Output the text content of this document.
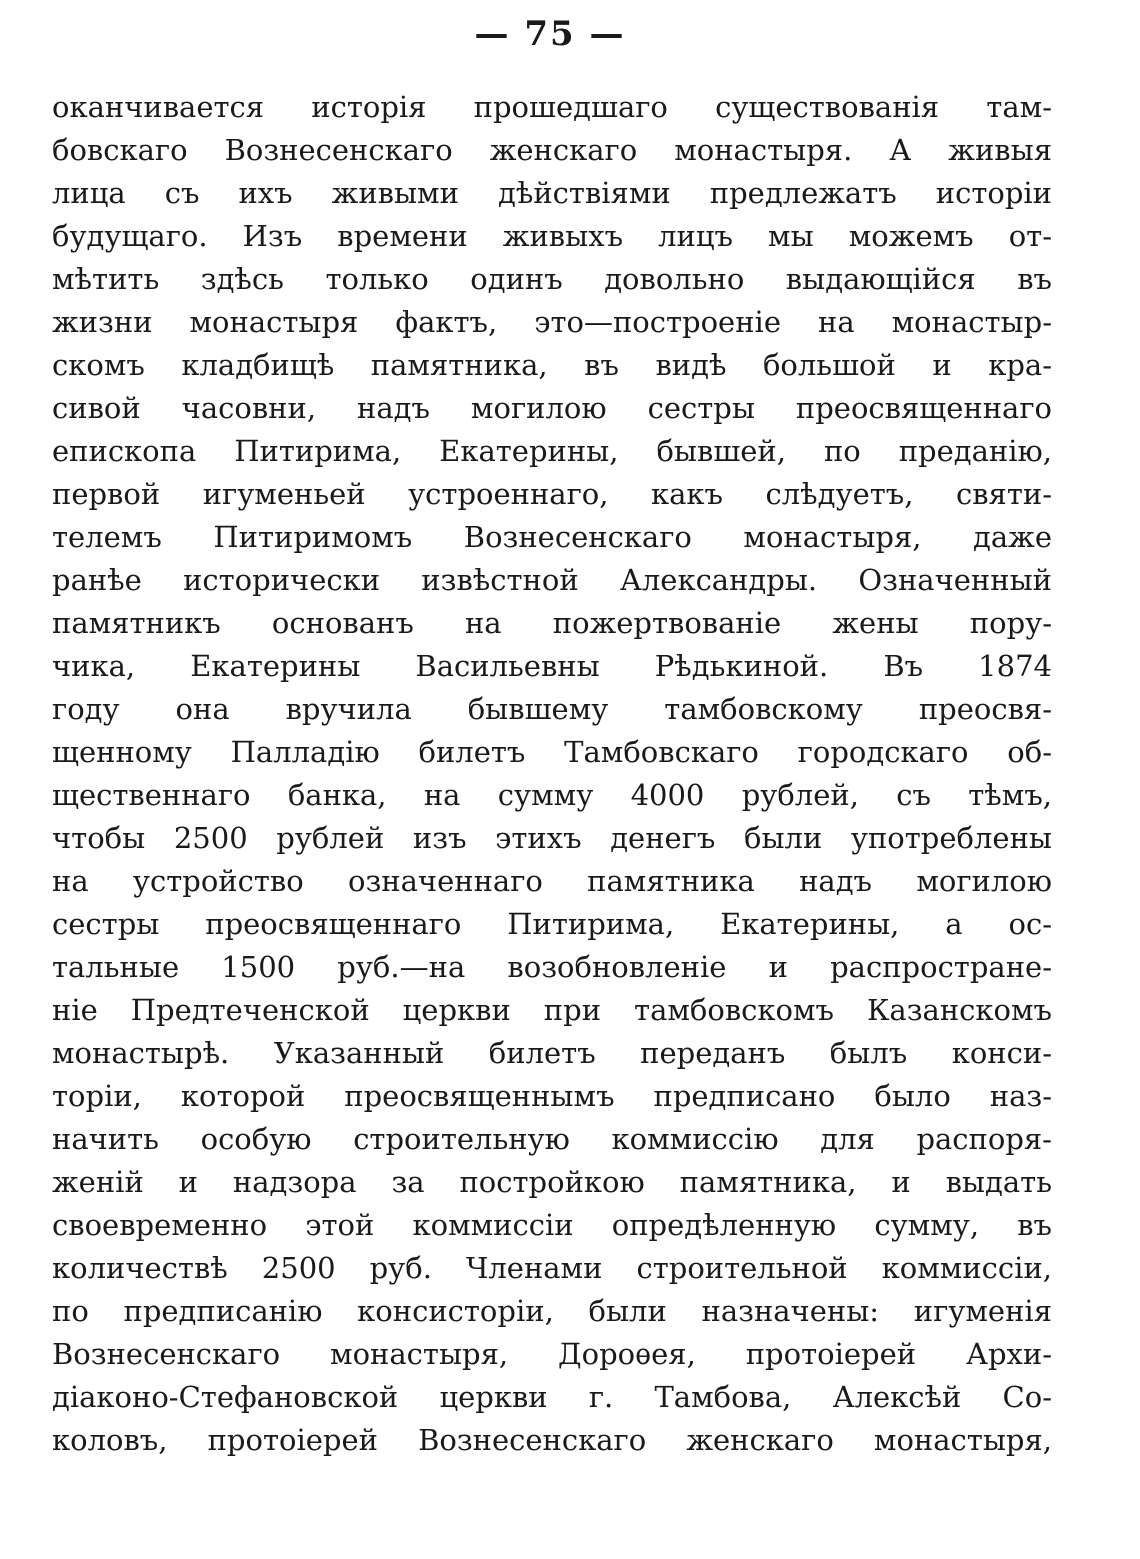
— 75 —
оканчивается исторія прошедшаго существованія там-
бовскаго Вознесенскаго женскаго монастыря. А живыя
лица съ ихъ живыми дѣйствіями предлежатъ исторіи
будущаго. Изъ времени живыхъ лицъ мы можемъ от-
мѣтить здѣсь только одинъ довольно выдающійся въ
жизни монастыря фактъ, это—построеніе на монастыр-
скомъ кладбищѣ памятника, въ видѣ большой и кра-
сивой часовни, надъ могилою сестры преосвященнаго
епископа Питирима, Екатерины, бывшей, по преданію,
первой игуменьей устроеннаго, какъ слѣдуетъ, святи-
телемъ Питиримомъ Вознесенскаго монастыря, даже
ранѣе исторически извѣстной Александры. Означенный
памятникъ основанъ на пожертвованіе жены пору-
чика, Екатерины Васильевны Рѣдькиной. Въ 1874
году она вручила бывшему тамбовскому преосвя-
щенному Палладію билетъ Тамбовскаго городскаго об-
щественнаго банка, на сумму 4000 рублей, съ тѣмъ,
чтобы 2500 рублей изъ этихъ денегъ были употреблены
на устройство означеннаго памятника надъ могилою
сестры преосвященнаго Питирима, Екатерины, а ос-
тальные 1500 руб.—на возобновленіе и распростране-
ніе Предтеченской церкви при тамбовскомъ Казанскомъ
монастырѣ. Указанный билетъ переданъ былъ конси-
торіи, которой преосвященнымъ предписано было наз-
начить особую строительную коммиссію для распоря-
женій и надзора за постройкою памятника, и выдать
своевременно этой коммиссіи опредѣленную сумму, въ
количествѣ 2500 руб. Членами строительной коммиссіи,
по предписанію консисторіи, были назначены: игуменія
Вознесенскаго монастыря, Дороѳея, протоіерей Архи-
діаконо-Стефановской церкви г. Тамбова, Алексѣй Со-
коловъ, протоіерей Вознесенскаго женскаго монастыря,
